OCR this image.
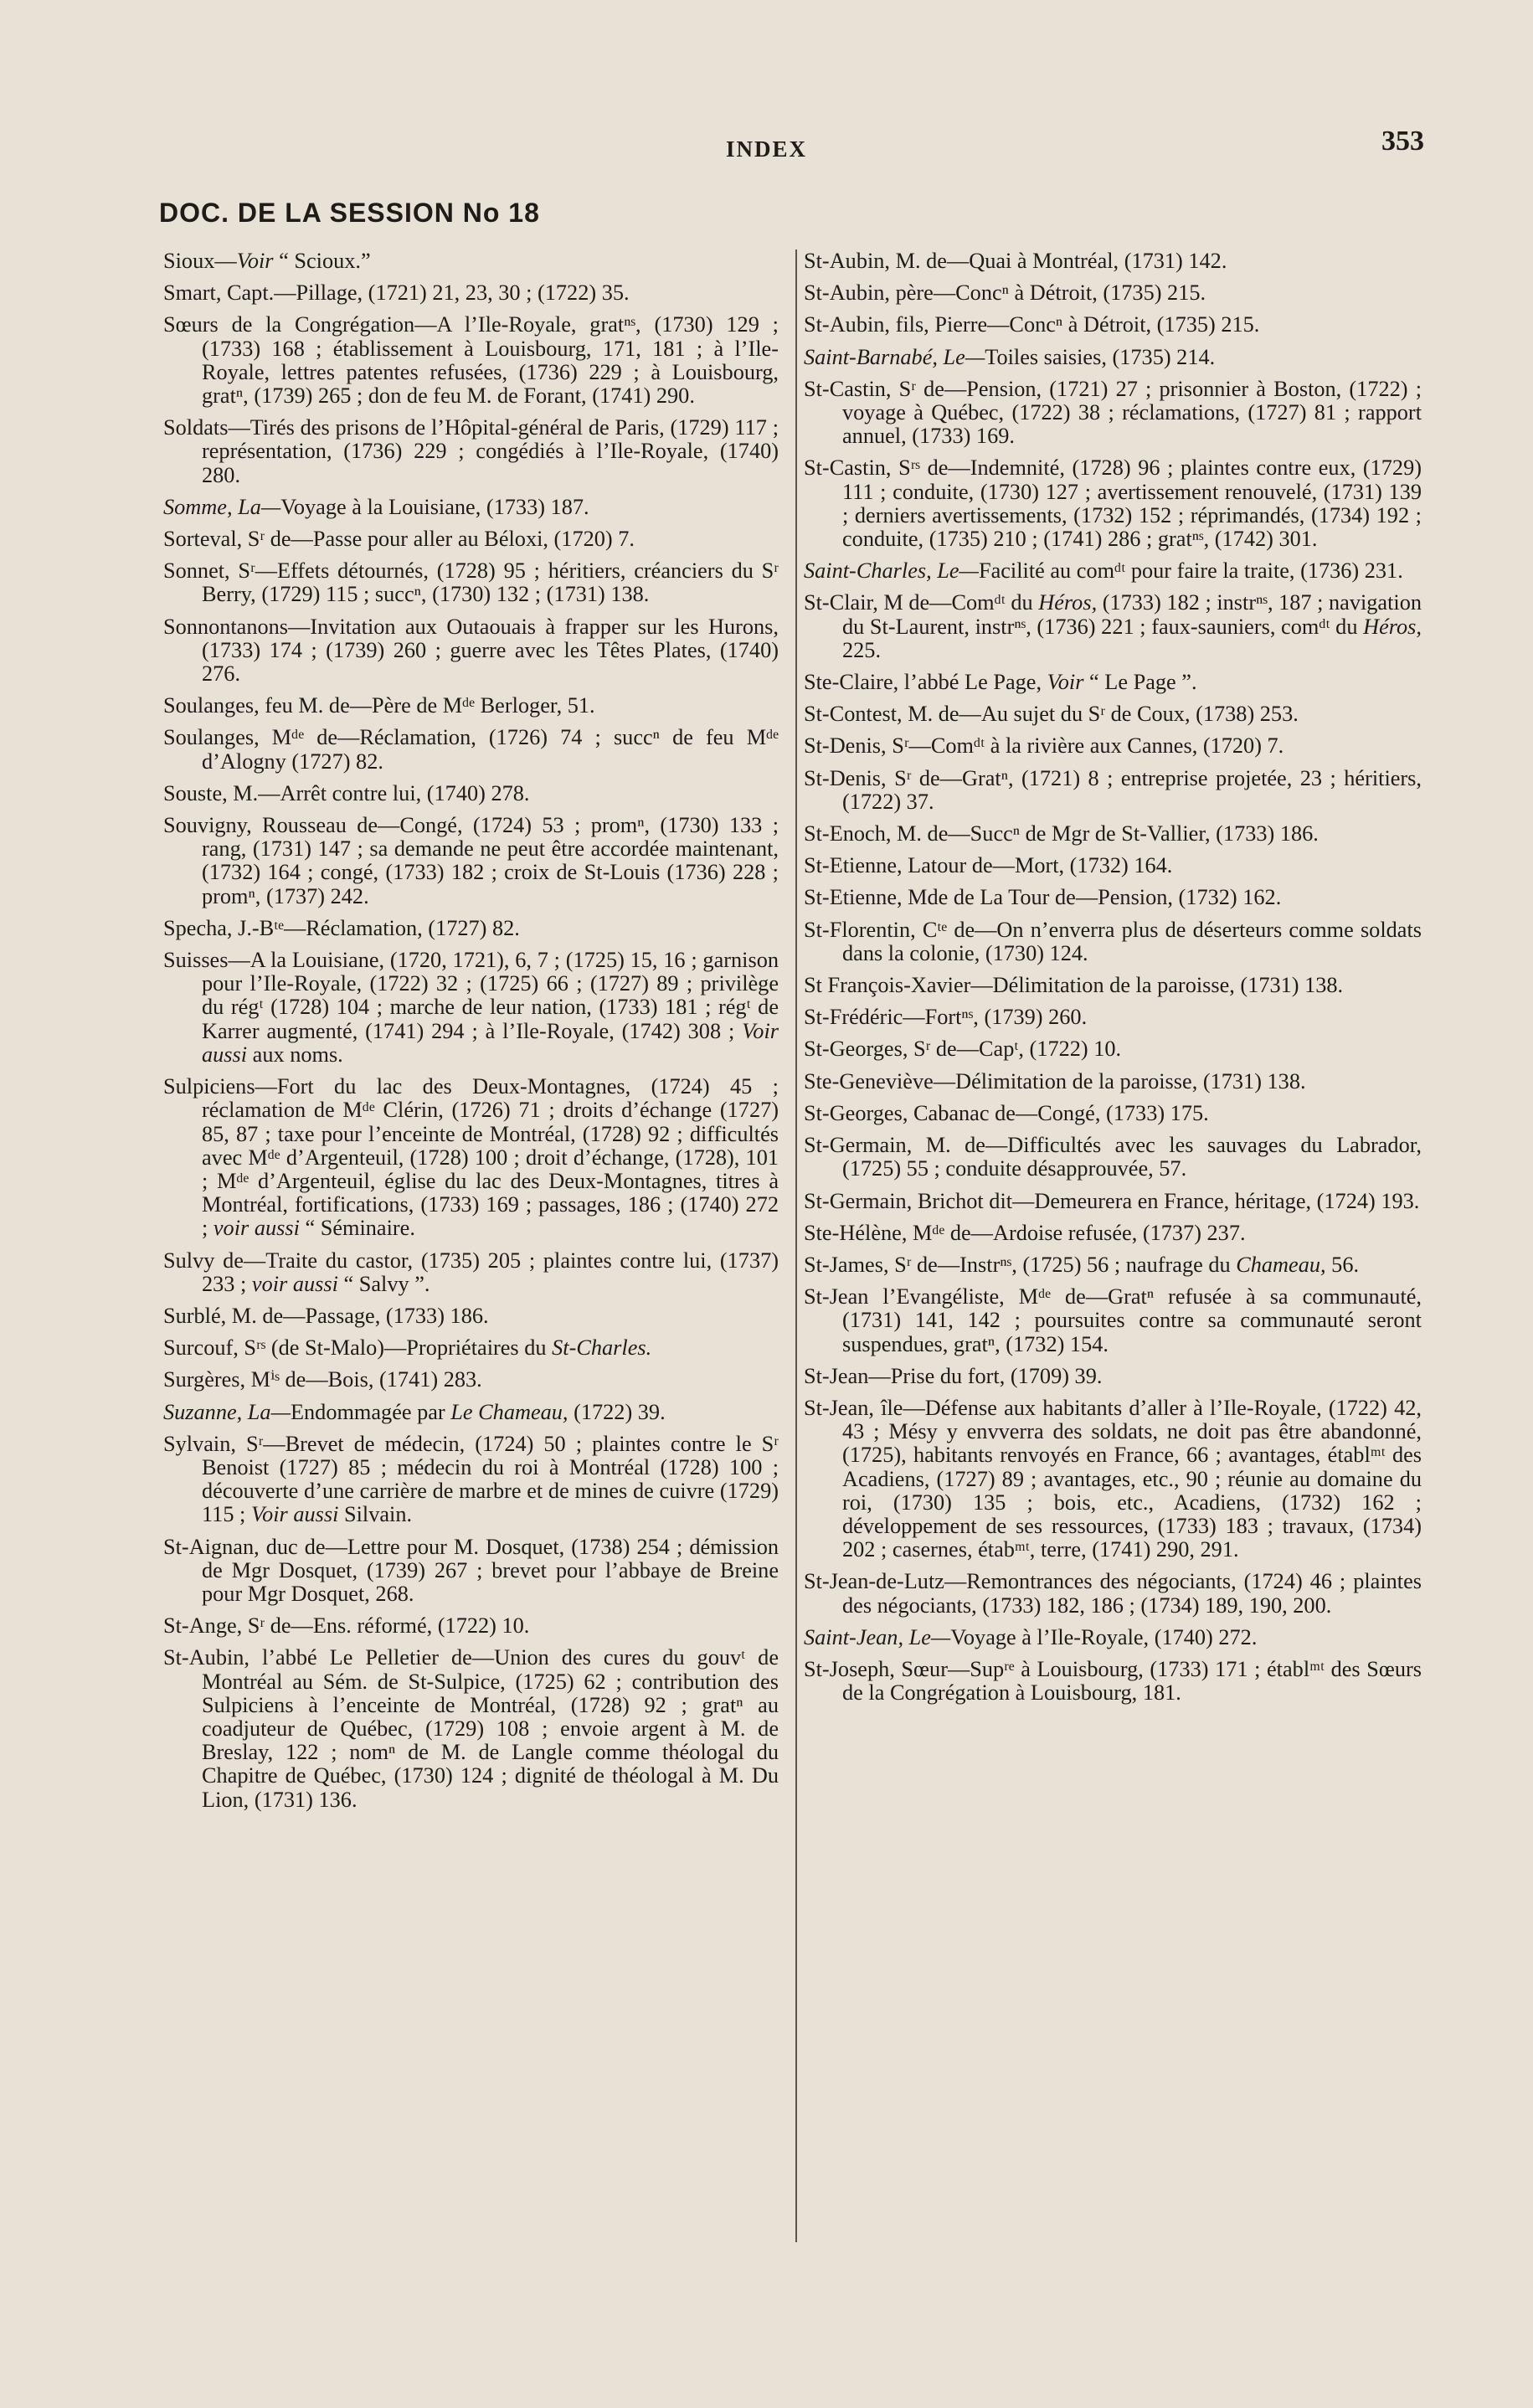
INDEX	353
DOC. DE LA SESSION No 18

Sioux—Voir “ Scioux.”

Smart, Capt.—Pillage, (1721) 21, 23, 30 ; (1722) 35.

Sœurs de la Congrégation—A l’Ile-Royale, gratⁿˢ, (1730) 129 ; (1733) 168 ; établissement à Louisbourg, 171, 181 ; à l’Ile-Royale, lettres patentes refusées, (1736) 229 ; à Louisbourg, gratⁿ, (1739) 265 ; don de feu M. de Forant, (1741) 290.

Soldats—Tirés des prisons de l’Hôpital-général de Paris, (1729) 117 ; représentation, (1736) 229 ; congédiés à l’Ile-Royale, (1740) 280.

Somme, La—Voyage à la Louisiane, (1733) 187.

Sorteval, Sʳ de—Passe pour aller au Béloxi, (1720) 7.

Sonnet, Sʳ—Effets détournés, (1728) 95 ; héritiers, créanciers du Sʳ Berry, (1729) 115 ; succⁿ, (1730) 132 ; (1731) 138.

Sonnontanons—Invitation aux Outaouais à frapper sur les Hurons, (1733) 174 ; (1739) 260 ; guerre avec les Têtes Plates, (1740) 276.

Soulanges, feu M. de—Père de Mᵈᵉ Berloger, 51.

Soulanges, Mᵈᵉ de—Réclamation, (1726) 74 ; succⁿ de feu Mᵈᵉ d’Alogny (1727) 82.

Souste, M.—Arrêt contre lui, (1740) 278.

Souvigny, Rousseau de—Congé, (1724) 53 ; promⁿ, (1730) 133 ; rang, (1731) 147 ; sa demande ne peut être accordée maintenant, (1732) 164 ; congé, (1733) 182 ; croix de St-Louis (1736) 228 ; promⁿ, (1737) 242.

Specha, J.-Bᵗᵉ—Réclamation, (1727) 82.

Suisses—A la Louisiane, (1720, 1721), 6, 7 ; (1725) 15, 16 ; garnison pour l’Ile-Royale, (1722) 32 ; (1725) 66 ; (1727) 89 ; privilège du régᵗ (1728) 104 ; marche de leur nation, (1733) 181 ; régᵗ de Karrer augmenté, (1741) 294 ; à l’Ile-Royale, (1742) 308 ; Voir aussi aux noms.

Sulpiciens—Fort du lac des Deux-Montagnes, (1724) 45 ; réclamation de Mᵈᵉ Clérin, (1726) 71 ; droits d’échange (1727) 85, 87 ; taxe pour l’enceinte de Montréal, (1728) 92 ; difficultés avec Mᵈᵉ d’Argenteuil, (1728) 100 ; droit d’échange, (1728), 101 ; Mᵈᵉ d’Argenteuil, église du lac des Deux-Montagnes, titres à Montréal, fortifications, (1733) 169 ; passages, 186 ; (1740) 272 ; voir aussi “ Séminaire.

Sulvy de—Traite du castor, (1735) 205 ; plaintes contre lui, (1737) 233 ; voir aussi “ Salvy ”.

Surblé, M. de—Passage, (1733) 186.

Surcouf, Sʳˢ (de St-Malo)—Propriétaires du St-Charles.

Surgères, Mⁱˢ de—Bois, (1741) 283.

Suzanne, La—Endommagée par Le Chameau, (1722) 39.

Sylvain, Sʳ—Brevet de médecin, (1724) 50 ; plaintes contre le Sʳ Benoist (1727) 85 ; médecin du roi à Montréal (1728) 100 ; découverte d’une carrière de marbre et de mines de cuivre (1729) 115 ; Voir aussi Silvain.

St-Aignan, duc de—Lettre pour M. Dosquet, (1738) 254 ; démission de Mgr Dosquet, (1739) 267 ; brevet pour l’abbaye de Breine pour Mgr Dosquet, 268.

St-Ange, Sʳ de—Ens. réformé, (1722) 10.

St-Aubin, l’abbé Le Pelletier de—Union des cures du gouvᵗ de Montréal au Sém. de St-Sulpice, (1725) 62 ; contribution des Sulpiciens à l’enceinte de Montréal, (1728) 92 ; gratⁿ au coadjuteur de Québec, (1729) 108 ; envoie argent à M. de Breslay, 122 ; nomⁿ de M. de Langle comme théologal du Chapitre de Québec, (1730) 124 ; dignité de théologal à M. Du Lion, (1731) 136.

St-Aubin, M. de—Quai à Montréal, (1731) 142.

St-Aubin, père—Concⁿ à Détroit, (1735) 215.

St-Aubin, fils, Pierre—Concⁿ à Détroit, (1735) 215.

Saint-Barnabé, Le—Toiles saisies, (1735) 214.

St-Castin, Sʳ de—Pension, (1721) 27 ; prisonnier à Boston, (1722) ; voyage à Québec, (1722) 38 ; réclamations, (1727) 81 ; rapport annuel, (1733) 169.

St-Castin, Sʳˢ de—Indemnité, (1728) 96 ; plaintes contre eux, (1729) 111 ; conduite, (1730) 127 ; avertissement renouvelé, (1731) 139 ; derniers avertissements, (1732) 152 ; réprimandés, (1734) 192 ; conduite, (1735) 210 ; (1741) 286 ; gratⁿˢ, (1742) 301.

Saint-Charles, Le—Facilité au comᵈᵗ pour faire la traite, (1736) 231.

St-Clair, M de—Comᵈᵗ du Héros, (1733) 182 ; instrⁿˢ, 187 ; navigation du St-Laurent, instrⁿˢ, (1736) 221 ; faux-sauniers, comᵈᵗ du Héros, 225.

Ste-Claire, l’abbé Le Page, Voir “ Le Page ”.

St-Contest, M. de—Au sujet du Sʳ de Coux, (1738) 253.

St-Denis, Sʳ—Comᵈᵗ à la rivière aux Cannes, (1720) 7.

St-Denis, Sʳ de—Gratⁿ, (1721) 8 ; entreprise projetée, 23 ; héritiers, (1722) 37.

St-Enoch, M. de—Succⁿ de Mgr de St-Vallier, (1733) 186.

St-Etienne, Latour de—Mort, (1732) 164.

St-Etienne, Mde de La Tour de—Pension, (1732) 162.

St-Florentin, Cᵗᵉ de—On n’enverra plus de déserteurs comme soldats dans la colonie, (1730) 124.

St François-Xavier—Délimitation de la paroisse, (1731) 138.

St-Frédéric—Fortⁿˢ, (1739) 260.

St-Georges, Sʳ de—Capᵗ, (1722) 10.

Ste-Geneviève—Délimitation de la paroisse, (1731) 138.

St-Georges, Cabanac de—Congé, (1733) 175.

St-Germain, M. de—Difficultés avec les sauvages du Labrador, (1725) 55 ; conduite désapprouvée, 57.

St-Germain, Brichot dit—Demeurera en France, héritage, (1724) 193.

Ste-Hélène, Mᵈᵉ de—Ardoise refusée, (1737) 237.

St-James, Sʳ de—Instrⁿˢ, (1725) 56 ; naufrage du Chameau, 56.

St-Jean l’Evangéliste, Mᵈᵉ de—Gratⁿ refusée à sa communauté, (1731) 141, 142 ; poursuites contre sa communauté seront suspendues, gratⁿ, (1732) 154.

St-Jean—Prise du fort, (1709) 39.

St-Jean, île—Défense aux habitants d’aller à l’Ile-Royale, (1722) 42, 43 ; Mésy y envverra des soldats, ne doit pas être abandonné, (1725), habitants renvoyés en France, 66 ; avantages, établᵐᵗ des Acadiens, (1727) 89 ; avantages, etc., 90 ; réunie au domaine du roi, (1730) 135 ; bois, etc., Acadiens, (1732) 162 ; développement de ses ressources, (1733) 183 ; travaux, (1734) 202 ; casernes, étabᵐᵗ, terre, (1741) 290, 291.

St-Jean-de-Lutz—Remontrances des négociants, (1724) 46 ; plaintes des négociants, (1733) 182, 186 ; (1734) 189, 190, 200.

Saint-Jean, Le—Voyage à l’Ile-Royale, (1740) 272.

St-Joseph, Sœur—Supʳᵉ à Louisbourg, (1733) 171 ; établᵐᵗ des Sœurs de la Congrégation à Louisbourg, 181.
